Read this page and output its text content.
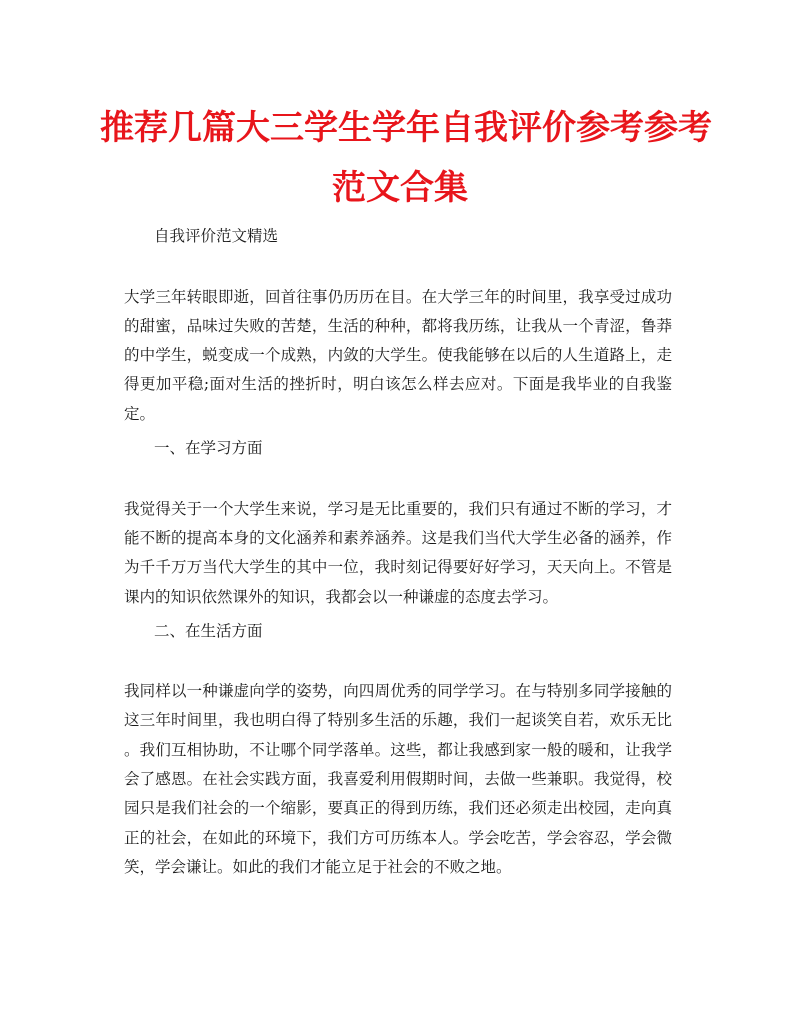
推荐几篇大三学生学年自我评价参考参考
范文合集
自我评价范文精选
大学三年转眼即逝，回首往事仍历历在目。在大学三年的时间里，我享受过成功
的甜蜜，品味过失败的苦楚，生活的种种，都将我历练，让我从一个青涩，鲁莽
的中学生，蜕变成一个成熟，内敛的大学生。使我能够在以后的人生道路上，走
得更加平稳;面对生活的挫折时，明白该怎么样去应对。下面是我毕业的自我鉴
定。
一、在学习方面
我觉得关于一个大学生来说，学习是无比重要的，我们只有通过不断的学习，才
能不断的提高本身的文化涵养和素养涵养。这是我们当代大学生必备的涵养，作
为千千万万当代大学生的其中一位，我时刻记得要好好学习，天天向上。不管是
课内的知识依然课外的知识，我都会以一种谦虚的态度去学习。
二、在生活方面
我同样以一种谦虚向学的姿势，向四周优秀的同学学习。在与特别多同学接触的
这三年时间里，我也明白得了特别多生活的乐趣，我们一起谈笑自若，欢乐无比
。我们互相协助，不让哪个同学落单。这些，都让我感到家一般的暖和，让我学
会了感恩。在社会实践方面，我喜爱利用假期时间，去做一些兼职。我觉得，校
园只是我们社会的一个缩影，要真正的得到历练，我们还必须走出校园，走向真
正的社会，在如此的环境下，我们方可历练本人。学会吃苦，学会容忍，学会微
笑，学会谦让。如此的我们才能立足于社会的不败之地。
